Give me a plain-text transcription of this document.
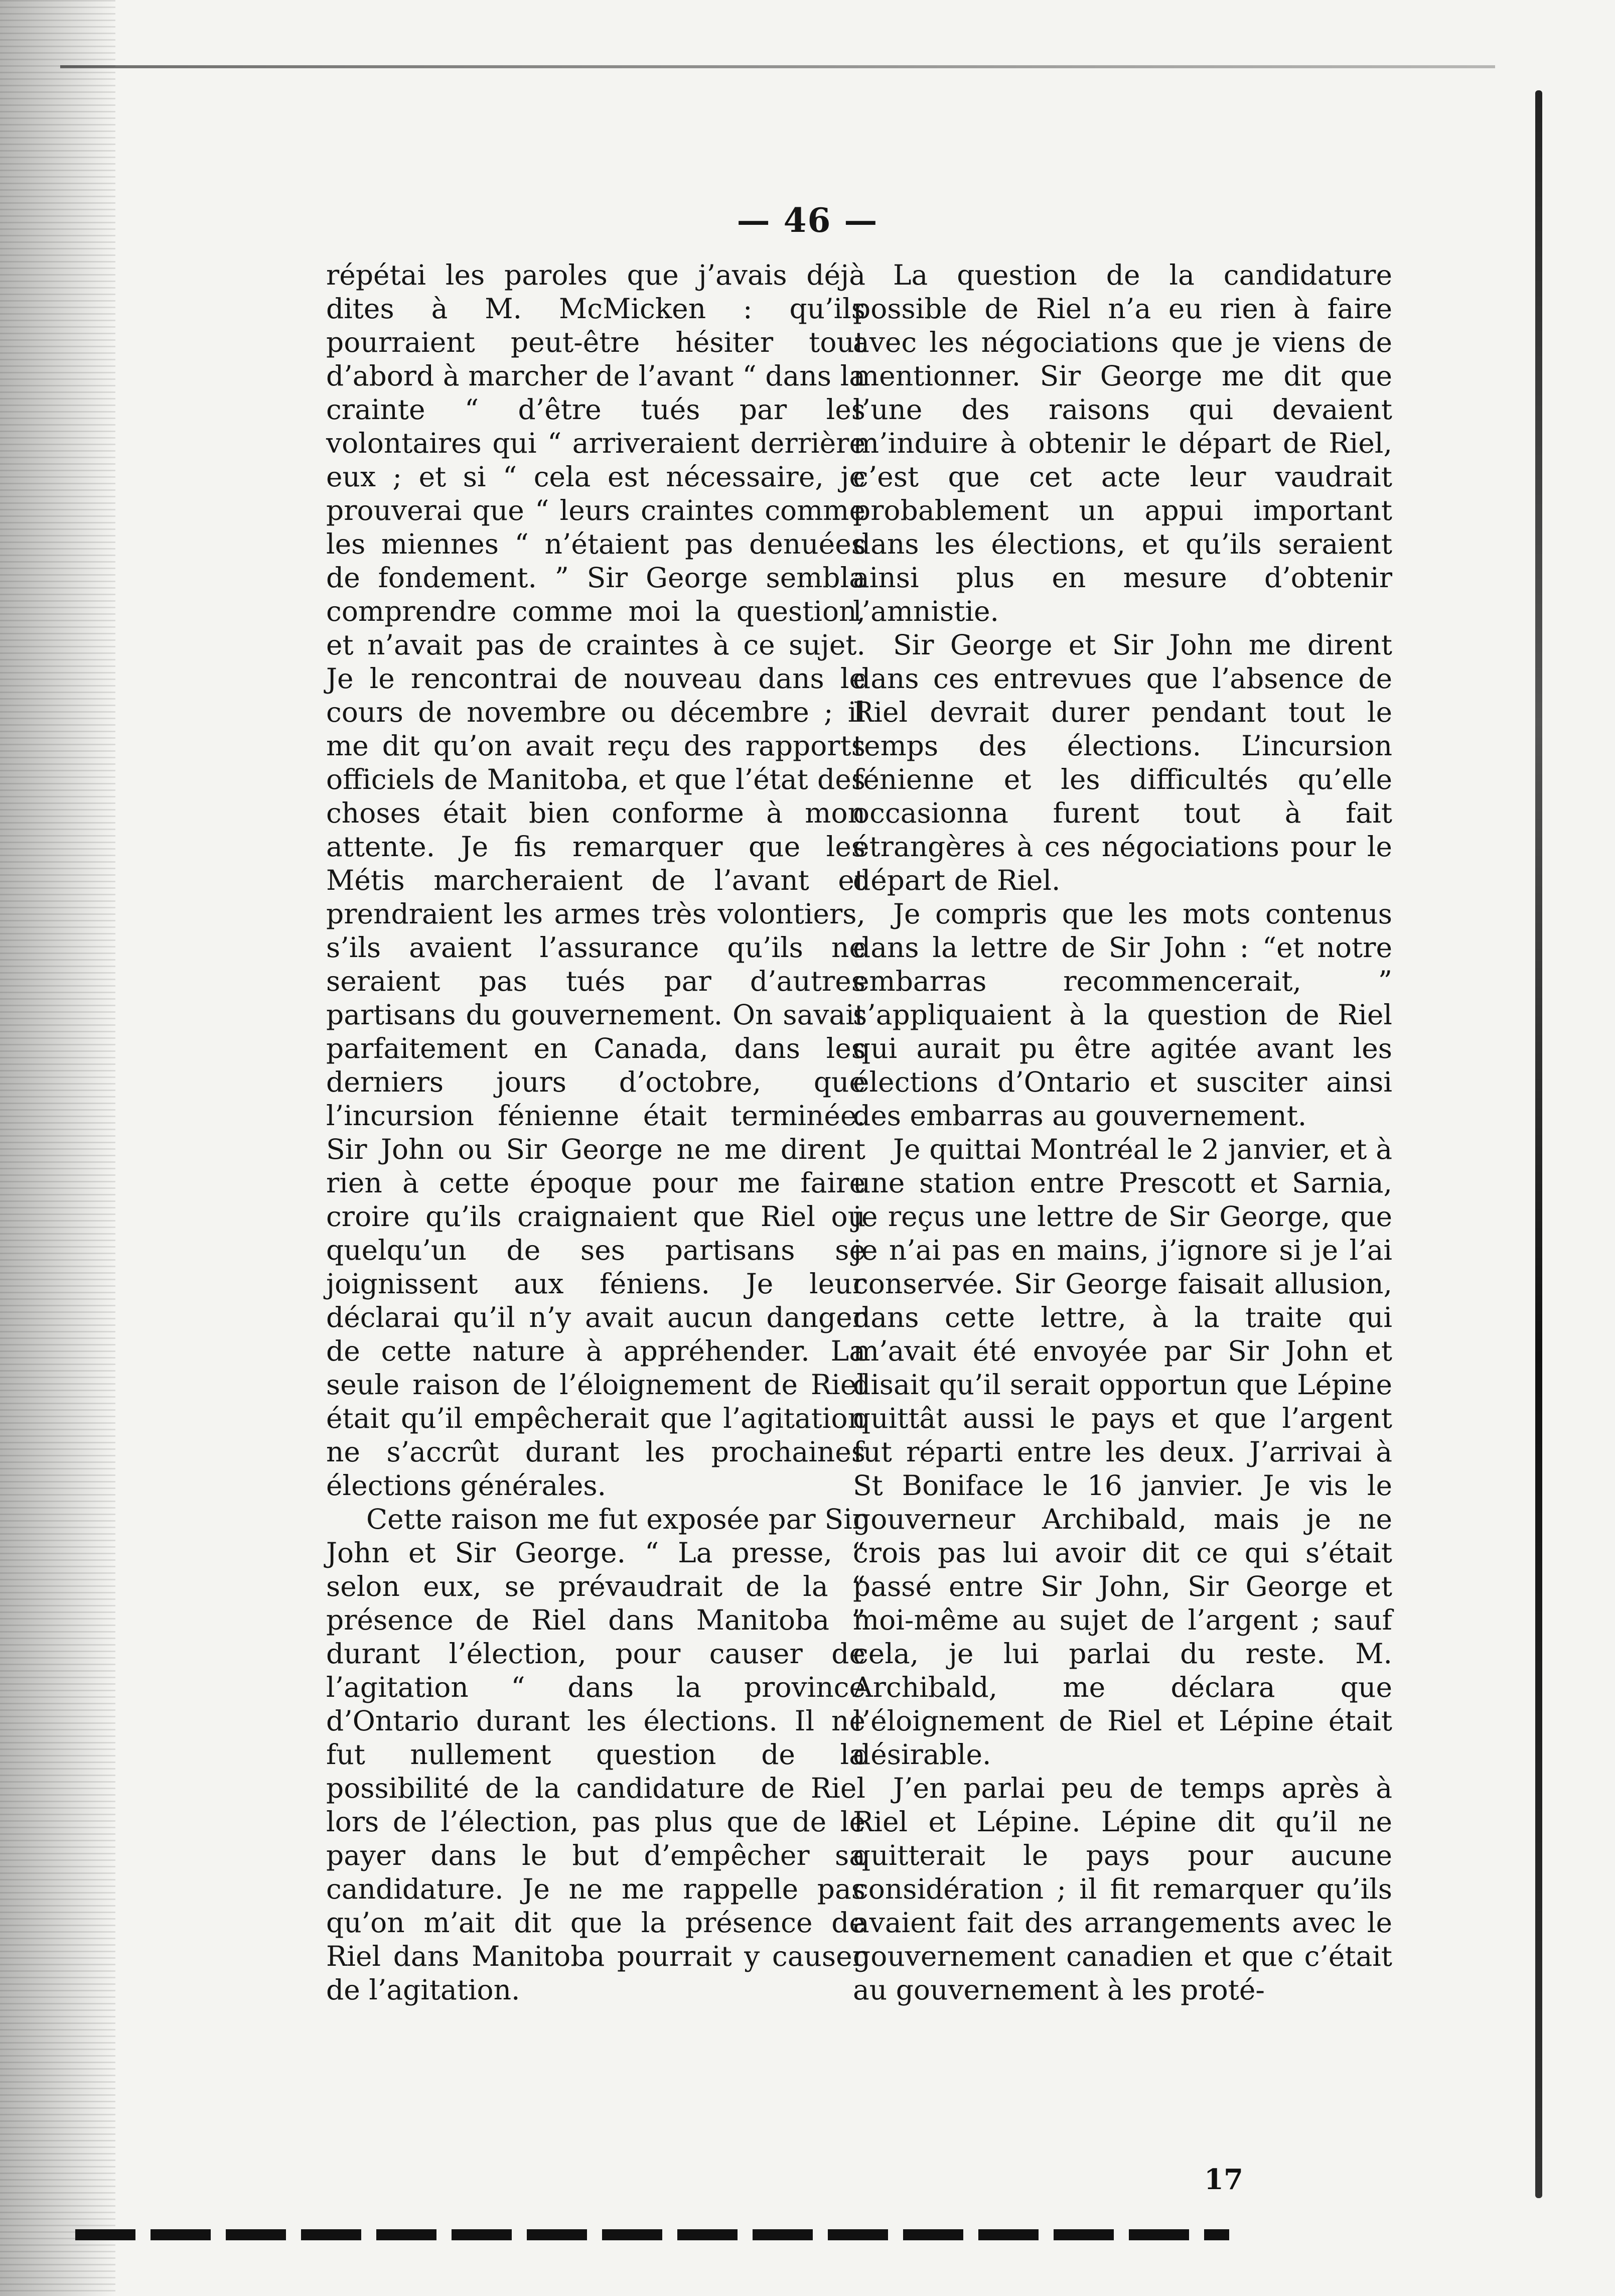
— 46 —

répétai les paroles que j’avais déjà dites à M. McMicken : qu’ils pourraient peut-être hésiter tout d’abord à marcher de l’avant “ dans la crainte “ d’être tués par les volontaires qui “ arriveraient derrière eux ; et si “ cela est nécessaire, je prouverai que “ leurs craintes comme les miennes “ n’étaient pas denuées de fondement. ” Sir George sembla comprendre comme moi la question, et n’avait pas de craintes à ce sujet. Je le rencontrai de nouveau dans le cours de novembre ou décembre ; il me dit qu’on avait reçu des rapports officiels de Manitoba, et que l’état des choses était bien conforme à mon attente. Je fis remarquer que les Métis marcheraient de l’avant et prendraient les armes très volontiers, s’ils avaient l’assurance qu’ils ne seraient pas tués par d’autres partisans du gouvernement. On savait parfaitement en Canada, dans les derniers jours d’octobre, que l’incursion fénienne était terminée. Sir John ou Sir George ne me dirent rien à cette époque pour me faire croire qu’ils craignaient que Riel ou quelqu’un de ses partisans se joignissent aux féniens. Je leur déclarai qu’il n’y avait aucun danger de cette nature à appréhender. La seule raison de l’éloignement de Riel était qu’il empêcherait que l’agitation ne s’accrût durant les prochaines élections générales.

Cette raison me fut exposée par Sir John et Sir George. “ La presse, “ selon eux, se prévaudrait de la “ présence de Riel dans Manitoba ” durant l’élection, pour causer de l’agitation “ dans la province d’Ontario durant les élections. Il ne fut nullement question de la possibilité de la candidature de Riel lors de l’élection, pas plus que de le payer dans le but d’empêcher sa candidature. Je ne me rappelle pas qu’on m’ait dit que la présence de Riel dans Manitoba pourrait y causer de l’agitation.

La question de la candidature possible de Riel n’a eu rien à faire avec les négociations que je viens de mentionner. Sir George me dit que l’une des raisons qui devaient m’induire à obtenir le départ de Riel, c’est que cet acte leur vaudrait probablement un appui important dans les élections, et qu’ils seraient ainsi plus en mesure d’obtenir l’amnistie.

Sir George et Sir John me dirent dans ces entrevues que l’absence de Riel devrait durer pendant tout le temps des élections. L’incursion fénienne et les difficultés qu’elle occasionna furent tout à fait étrangères à ces négociations pour le départ de Riel.

Je compris que les mots contenus dans la lettre de Sir John : “et notre embarras recommencerait, ” s’appliquaient à la question de Riel qui aurait pu être agitée avant les élections d’Ontario et susciter ainsi des embarras au gouvernement.

Je quittai Montréal le 2 janvier, et à une station entre Prescott et Sarnia, je reçus une lettre de Sir George, que je n’ai pas en mains, j’ignore si je l’ai conservée. Sir George faisait allusion, dans cette lettre, à la traite qui m’avait été envoyée par Sir John et disait qu’il serait opportun que Lépine quittât aussi le pays et que l’argent fut réparti entre les deux. J’arrivai à St Boniface le 16 janvier. Je vis le gouverneur Archibald, mais je ne crois pas lui avoir dit ce qui s’était passé entre Sir John, Sir George et moi-même au sujet de l’argent ; sauf cela, je lui parlai du reste. M. Archibald, me déclara que l’éloignement de Riel et Lépine était désirable.

J’en parlai peu de temps après à Riel et Lépine. Lépine dit qu’il ne quitterait le pays pour aucune considération ; il fit remarquer qu’ils avaient fait des arrangements avec le gouvernement canadien et que c’était au gouvernement à les proté-

17
